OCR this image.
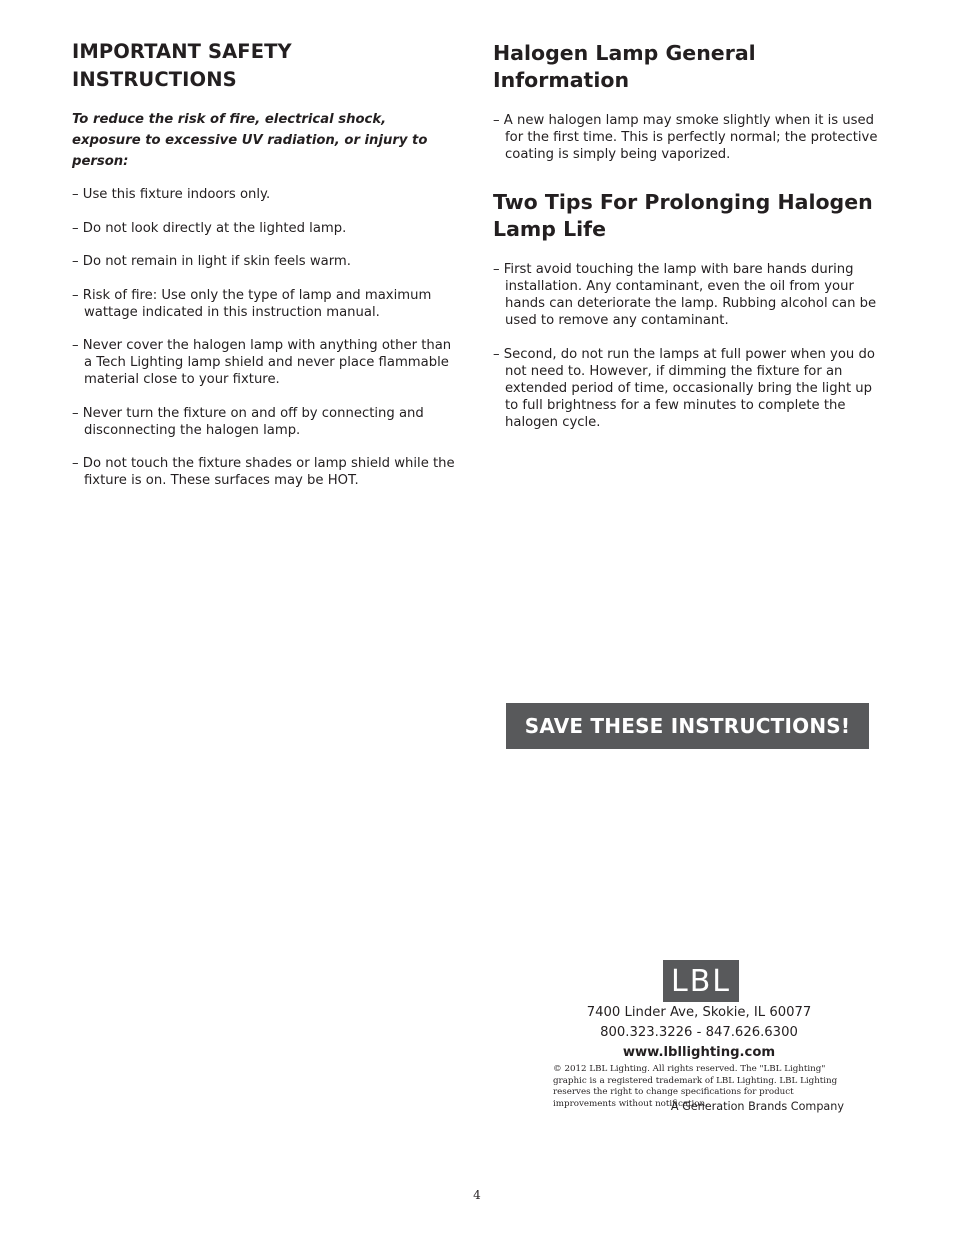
IMPORTANT SAFETY INSTRUCTIONS

To reduce the risk of fire, electrical shock, exposure to excessive UV radiation, or injury to person:

– Use this fixture indoors only.
– Do not look directly at the lighted lamp.
– Do not remain in light if skin feels warm.
– Risk of fire: Use only the type of lamp and maximum wattage indicated in this instruction manual.
– Never cover the halogen lamp with anything other than a Tech Lighting lamp shield and never place flammable material close to your fixture.
– Never turn the fixture on and off by connecting and disconnecting the halogen lamp.
– Do not touch the fixture shades or lamp shield while the fixture is on. These surfaces may be HOT.
Halogen Lamp General Information
– A new halogen lamp may smoke slightly when it is used for the first time. This is perfectly normal; the protective coating is simply being vaporized.
Two Tips For Prolonging Halogen Lamp Life
– First avoid touching the lamp with bare hands during installation. Any contaminant, even the oil from your hands can deteriorate the lamp. Rubbing alcohol can be used to remove any contaminant.
– Second, do not run the lamps at full power when you do not need to. However, if dimming the fixture for an extended period of time, occasionally bring the light up to full brightness for a few minutes to complete the halogen cycle.
SAVE THESE INSTRUCTIONS!
LBL
7400 Linder Ave, Skokie, IL 60077
800.323.3226 - 847.626.6300
www.lbllighting.com
© 2012 LBL Lighting. All rights reserved. The "LBL Lighting" graphic is a registered trademark of LBL Lighting. LBL Lighting reserves the right to change specifications for product improvements without notification.
A Generation Brands Company
4
